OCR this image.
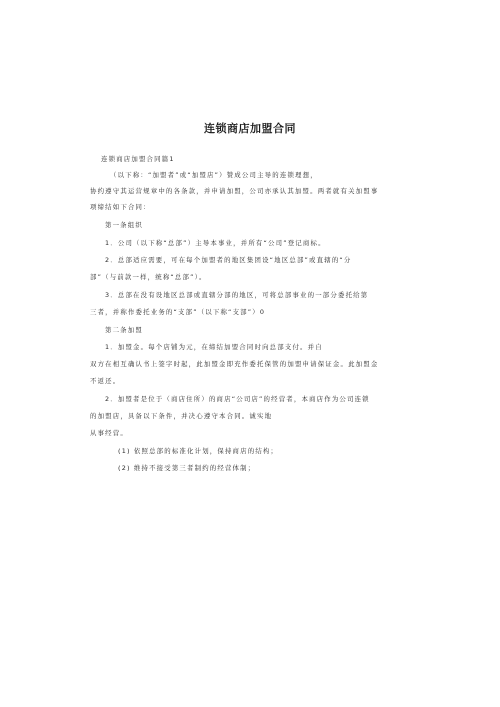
连锁商店加盟合同
连锁商店加盟合同篇1
（以下称：“加盟者”或“加盟店”）赞成公司主导的连锁理想，
协约遵守其运营规章中的各条款，并申请加盟，公司亦承认其加盟。两者就有关加盟事
项缔结如下合同：
第一条组织
1．公司（以下称“总部”）主导本事业，并所有“公司”登记商标。
2．总部适应需要，可在每个加盟者的地区集团设“地区总部”或直辖的“分
部”（与前款一样，统称“总部”）。
3．总部在没有设地区总部或直辖分部的地区，可将总部事业的一部分委托给第
三者，并称作委托业务的“支部”（以下称“支部”）0
第二条加盟
1．加盟金。每个店铺为元，在缔结加盟合同时向总部支付。并自
双方在相互确认书上签字时起，此加盟金即充作委托保管的加盟申请保证金。此加盟金
不返还。
2．加盟者是位于（商店住所）的商店“公司店”的经营者，本商店作为公司连锁
的加盟店，具备以下条件，并决心遵守本合同。诚实地
从事经营。
(1) 依照总部的标准化计划，保持商店的结构；
(2) 维持不接受第三者制约的经营体制；
